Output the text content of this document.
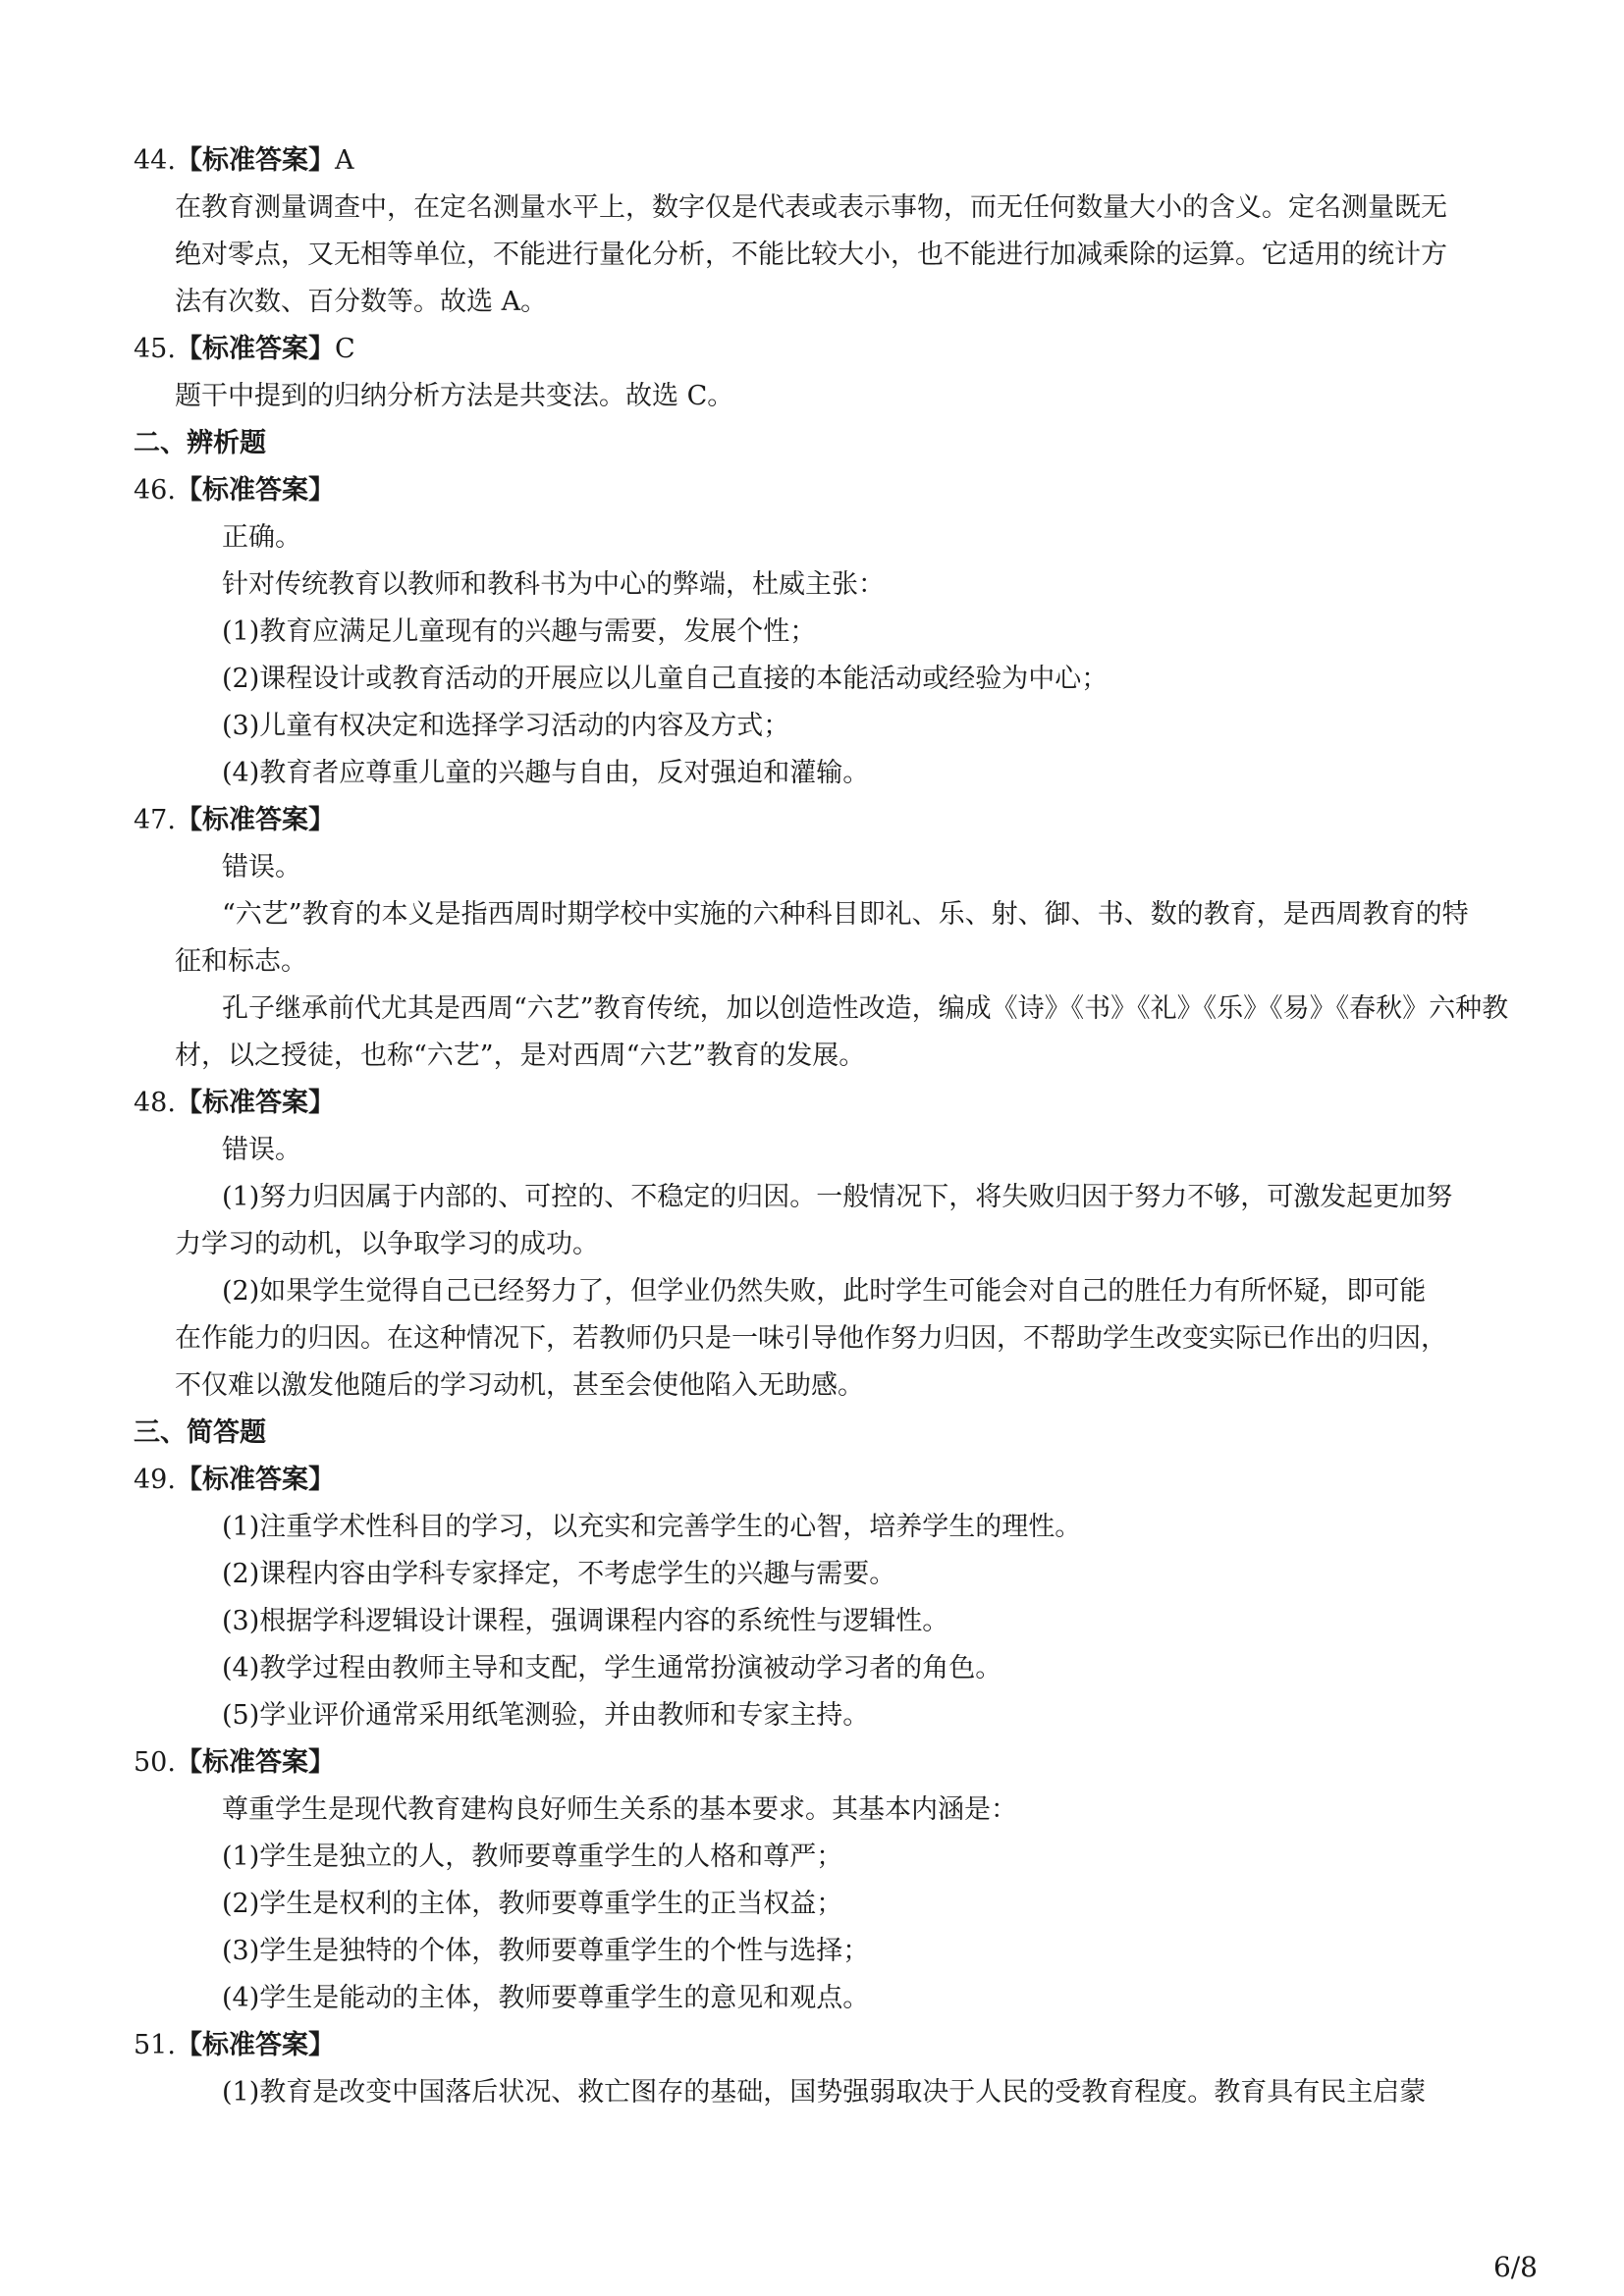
44.【标准答案】A
在教育测量调查中，在定名测量水平上，数字仅是代表或表示事物，而无任何数量大小的含义。定名测量既无
绝对零点，又无相等单位，不能进行量化分析，不能比较大小，也不能进行加减乘除的运算。它适用的统计方
法有次数、百分数等。故选 A。
45.【标准答案】C
题干中提到的归纳分析方法是共变法。故选 C。
二、辨析题
46.【标准答案】
正确。
针对传统教育以教师和教科书为中心的弊端，杜威主张：
(1)教育应满足儿童现有的兴趣与需要，发展个性；
(2)课程设计或教育活动的开展应以儿童自己直接的本能活动或经验为中心；
(3)儿童有权决定和选择学习活动的内容及方式；
(4)教育者应尊重儿童的兴趣与自由，反对强迫和灌输。
47.【标准答案】
错误。
“六艺”教育的本义是指西周时期学校中实施的六种科目即礼、乐、射、御、书、数的教育，是西周教育的特
征和标志。
孔子继承前代尤其是西周“六艺”教育传统，加以创造性改造，编成《诗》《书》《礼》《乐》《易》《春秋》六种教
材，以之授徒，也称“六艺”，是对西周“六艺”教育的发展。
48.【标准答案】
错误。
(1)努力归因属于内部的、可控的、不稳定的归因。一般情况下，将失败归因于努力不够，可激发起更加努
力学习的动机，以争取学习的成功。
(2)如果学生觉得自己已经努力了，但学业仍然失败，此时学生可能会对自己的胜任力有所怀疑，即可能
在作能力的归因。在这种情况下，若教师仍只是一味引导他作努力归因，不帮助学生改变实际已作出的归因，
不仅难以激发他随后的学习动机，甚至会使他陷入无助感。
三、简答题
49.【标准答案】
(1)注重学术性科目的学习，以充实和完善学生的心智，培养学生的理性。
(2)课程内容由学科专家择定，不考虑学生的兴趣与需要。
(3)根据学科逻辑设计课程，强调课程内容的系统性与逻辑性。
(4)教学过程由教师主导和支配，学生通常扮演被动学习者的角色。
(5)学业评价通常采用纸笔测验，并由教师和专家主持。
50.【标准答案】
尊重学生是现代教育建构良好师生关系的基本要求。其基本内涵是：
(1)学生是独立的人，教师要尊重学生的人格和尊严；
(2)学生是权利的主体，教师要尊重学生的正当权益；
(3)学生是独特的个体，教师要尊重学生的个性与选择；
(4)学生是能动的主体，教师要尊重学生的意见和观点。
51.【标准答案】
(1)教育是改变中国落后状况、救亡图存的基础，国势强弱取决于人民的受教育程度。教育具有民主启蒙
6/8
